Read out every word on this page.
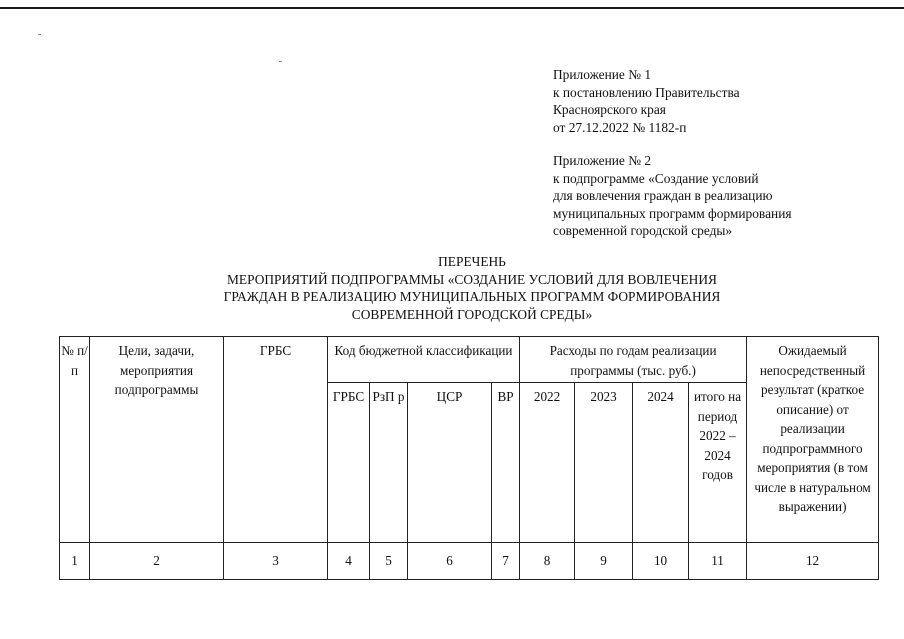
Приложение № 1
к постановлению Правительства
Красноярского края
от 27.12.2022 № 1182-п
Приложение № 2
к подпрограмме «Создание условий
для вовлечения граждан в реализацию
муниципальных программ формирования
современной городской среды»
ПЕРЕЧЕНЬ
МЕРОПРИЯТИЙ ПОДПРОГРАММЫ «СОЗДАНИЕ УСЛОВИЙ ДЛЯ ВОВЛЕЧЕНИЯ
ГРАЖДАН В РЕАЛИЗАЦИЮ МУНИЦИПАЛЬНЫХ ПРОГРАММ ФОРМИРОВАНИЯ
СОВРЕМЕННОЙ ГОРОДСКОЙ СРЕДЫ»
№ п/п	Цели, задачи, мероприятия подпрограммы	ГРБС	Код бюджетной классификации				Расходы по годам реализации программы (тыс. руб.)				Ожидаемый непосредственный результат (краткое описание) от реализации подпрограммного мероприятия (в том числе в натуральном выражении)

			ГРБС	РзП р	ЦСР	ВР	2022	2023	2024	итого на период 2022 – 2024 годов	

1	2	3	4	5	6	7	8	9	10	11	12
